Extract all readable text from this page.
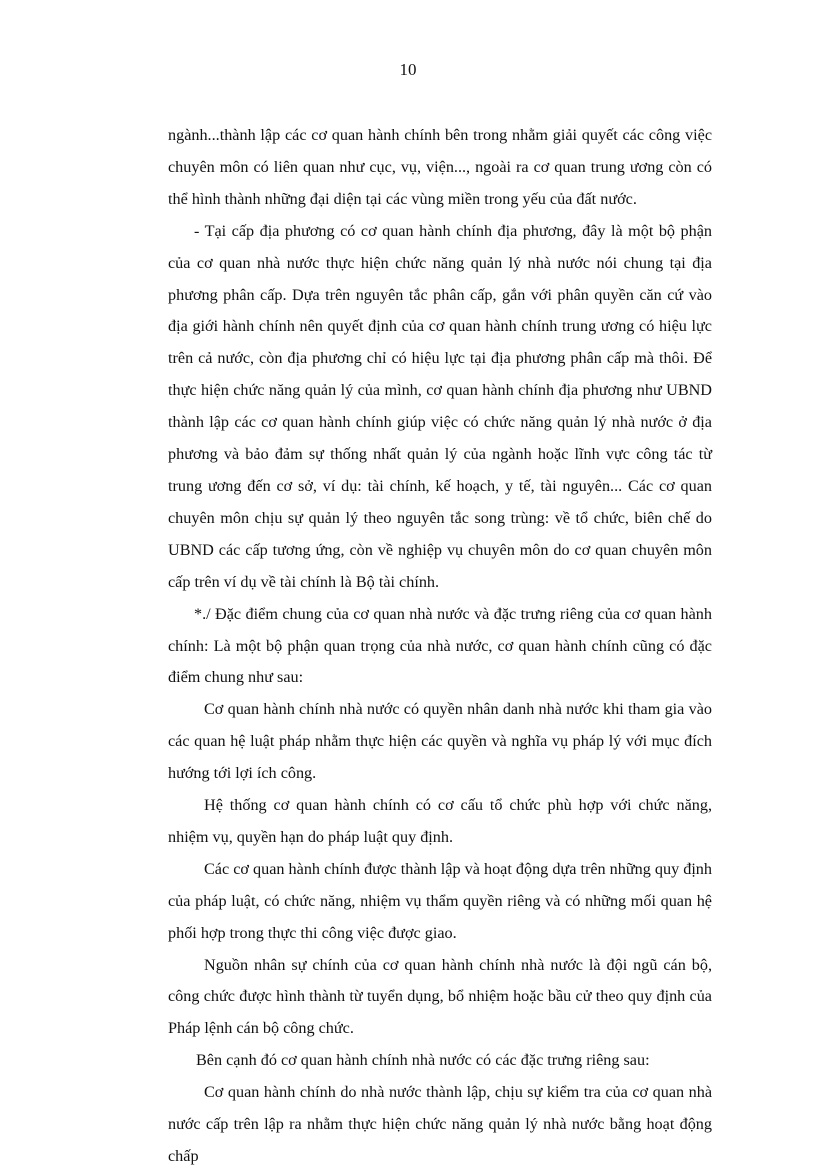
10

ngành...thành lập các cơ quan hành chính bên trong nhằm giải quyết các công việc chuyên môn có liên quan như cục, vụ, viện..., ngoài ra cơ quan trung ương còn có thể hình thành những đại diện tại các vùng miền trong yếu của đất nước.

- Tại cấp địa phương có cơ quan hành chính địa phương, đây là một bộ phận của cơ quan nhà nước thực hiện chức năng quản lý nhà nước nói chung tại địa phương phân cấp. Dựa trên nguyên tắc phân cấp, gắn với phân quyền căn cứ vào địa giới hành chính nên quyết định của cơ quan hành chính trung ương có hiệu lực trên cả nước, còn địa phương chỉ có hiệu lực tại địa phương phân cấp mà thôi. Để thực hiện chức năng quản lý của mình, cơ quan hành chính địa phương như UBND thành lập các cơ quan hành chính giúp việc có chức năng quản lý nhà nước ở địa phương và bảo đảm sự thống nhất quản lý của ngành hoặc lĩnh vực công tác từ trung ương đến cơ sở, ví dụ: tài chính, kế hoạch, y tế, tài nguyên... Các cơ quan chuyên môn chịu sự quản lý theo nguyên tắc song trùng: về tổ chức, biên chế do UBND các cấp tương ứng, còn về nghiệp vụ chuyên môn do cơ quan chuyên môn cấp trên ví dụ về tài chính là Bộ tài chính.

*./ Đặc điểm chung của cơ quan nhà nước và đặc trưng riêng của cơ quan hành chính: Là một bộ phận quan trọng của nhà nước, cơ quan hành chính cũng có đặc điểm chung như sau:

Cơ quan hành chính nhà nước có quyền nhân danh nhà nước khi tham gia vào các quan hệ luật pháp nhằm thực hiện các quyền và nghĩa vụ pháp lý với mục đích hướng tới lợi ích công.

Hệ thống cơ quan hành chính có cơ cấu tổ chức phù hợp với chức năng, nhiệm vụ, quyền hạn do pháp luật quy định.

Các cơ quan hành chính được thành lập và hoạt động dựa trên những quy định của pháp luật, có chức năng, nhiệm vụ thẩm quyền riêng và có những mối quan hệ phối hợp trong thực thi công việc được giao.

Nguồn nhân sự chính của cơ quan hành chính nhà nước là đội ngũ cán bộ, công chức được hình thành từ tuyển dụng, bổ nhiệm hoặc bầu cử theo quy định của Pháp lệnh cán bộ công chức.

Bên cạnh đó cơ quan hành chính nhà nước có các đặc trưng riêng sau:

Cơ quan hành chính do nhà nước thành lập, chịu sự kiểm tra của cơ quan nhà nước cấp trên lập ra nhằm thực hiện chức năng quản lý nhà nước bằng hoạt động chấp
